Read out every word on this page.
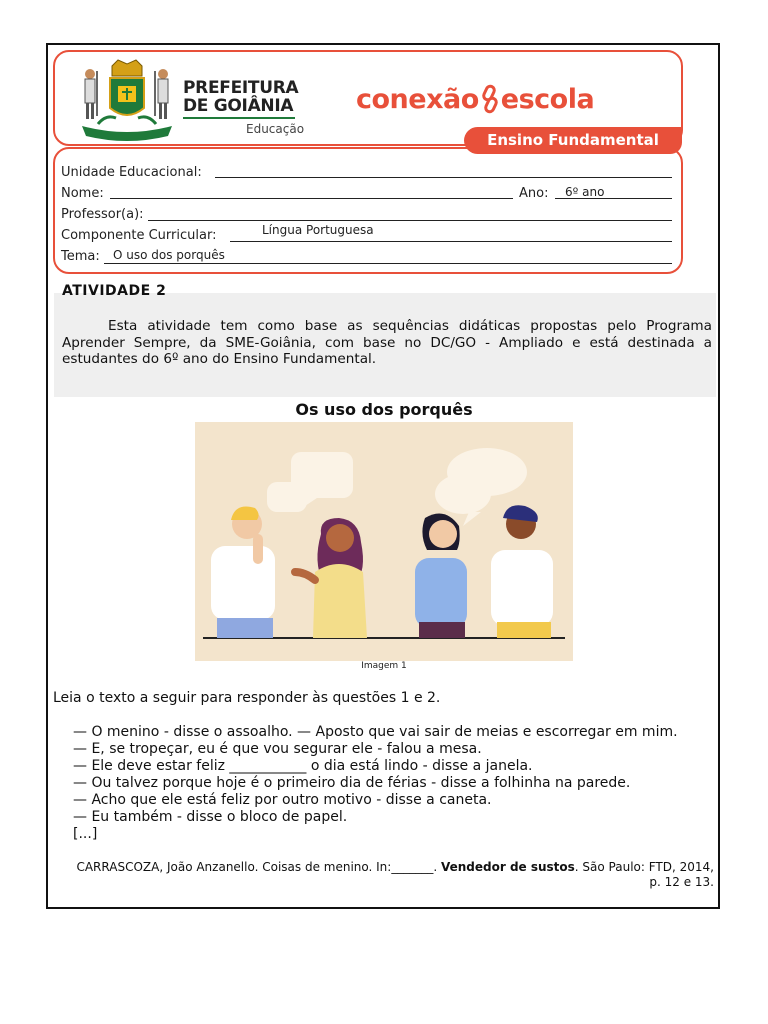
PREFEITURA
DE GOIÂNIA
Educação
conexão escola
Ensino Fundamental
Unidade Educacional:
Nome:	Ano: 6º ano
Professor(a):
Componente Curricular:	Língua Portuguesa
Tema: O uso dos porquês
ATIVIDADE 2
Esta atividade tem como base as sequências didáticas propostas pelo Programa Aprender Sempre, da SME-Goiânia, com base no DC/GO - Ampliado e está destinada a estudantes do 6º ano do Ensino Fundamental.
Os uso dos porquês
Imagem 1
Leia o texto a seguir para responder às questões 1 e 2.
— O menino - disse o assoalho. — Aposto que vai sair de meias e escorregar em mim.
— E, se tropeçar, eu é que vou segurar ele - falou a mesa.
— Ele deve estar feliz ___________ o dia está lindo - disse a janela.
— Ou talvez porque hoje é o primeiro dia de férias - disse a folhinha na parede.
— Acho que ele está feliz por outro motivo - disse a caneta.
— Eu também - disse o bloco de papel.
[...]
CARRASCOZA, João Anzanello. Coisas de menino. In:_______. Vendedor de sustos. São Paulo: FTD, 2014, p. 12 e 13.
